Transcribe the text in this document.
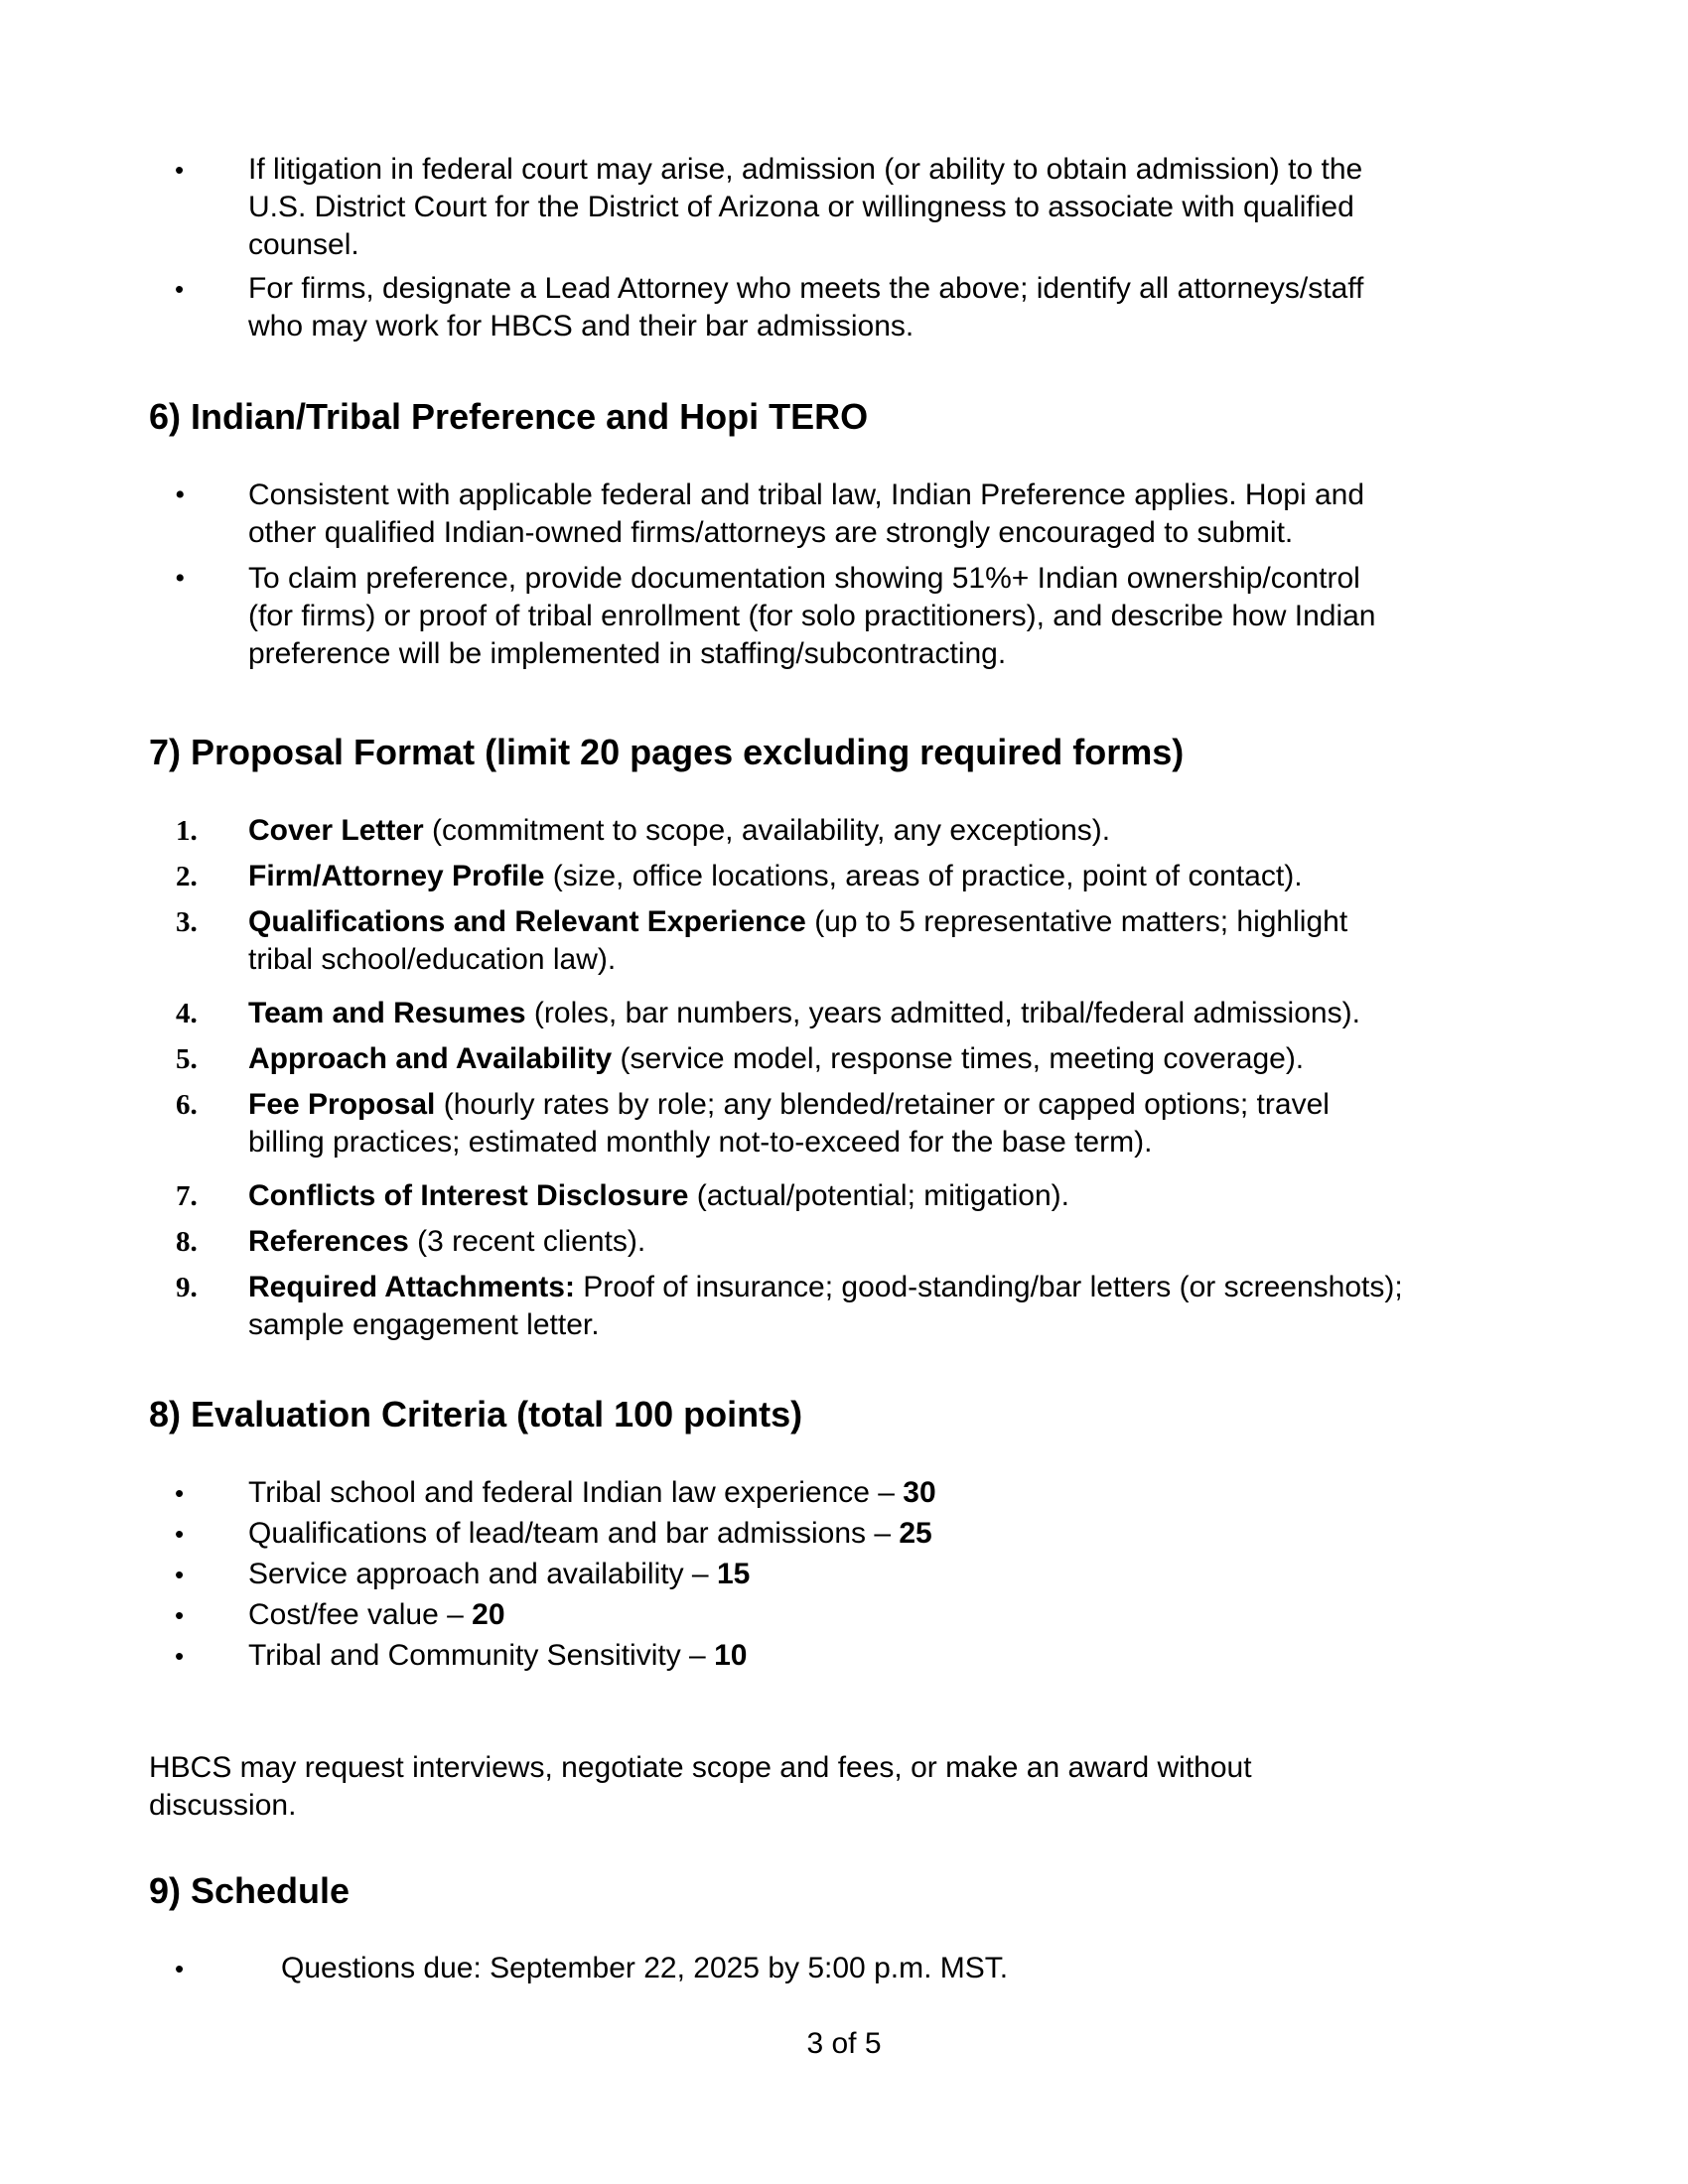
• If litigation in federal court may arise, admission (or ability to obtain admission) to the
U.S. District Court for the District of Arizona or willingness to associate with qualified
counsel.
• For firms, designate a Lead Attorney who meets the above; identify all attorneys/staff
who may work for HBCS and their bar admissions.
6) Indian/Tribal Preference and Hopi TERO
• Consistent with applicable federal and tribal law, Indian Preference applies. Hopi and
other qualified Indian-owned firms/attorneys are strongly encouraged to submit.
• To claim preference, provide documentation showing 51%+ Indian ownership/control
(for firms) or proof of tribal enrollment (for solo practitioners), and describe how Indian
preference will be implemented in staffing/subcontracting.
7) Proposal Format (limit 20 pages excluding required forms)
1. Cover Letter (commitment to scope, availability, any exceptions).
2. Firm/Attorney Profile (size, office locations, areas of practice, point of contact).
3. Qualifications and Relevant Experience (up to 5 representative matters; highlight
tribal school/education law).
4. Team and Resumes (roles, bar numbers, years admitted, tribal/federal admissions).
5. Approach and Availability (service model, response times, meeting coverage).
6. Fee Proposal (hourly rates by role; any blended/retainer or capped options; travel
billing practices; estimated monthly not-to-exceed for the base term).
7. Conflicts of Interest Disclosure (actual/potential; mitigation).
8. References (3 recent clients).
9. Required Attachments: Proof of insurance; good-standing/bar letters (or screenshots);
sample engagement letter.
8) Evaluation Criteria (total 100 points)
• Tribal school and federal Indian law experience – 30
• Qualifications of lead/team and bar admissions – 25
• Service approach and availability – 15
• Cost/fee value – 20
• Tribal and Community Sensitivity – 10
HBCS may request interviews, negotiate scope and fees, or make an award without
discussion.
9) Schedule
•	Questions due: September 22, 2025 by 5:00 p.m. MST.
3 of 5
